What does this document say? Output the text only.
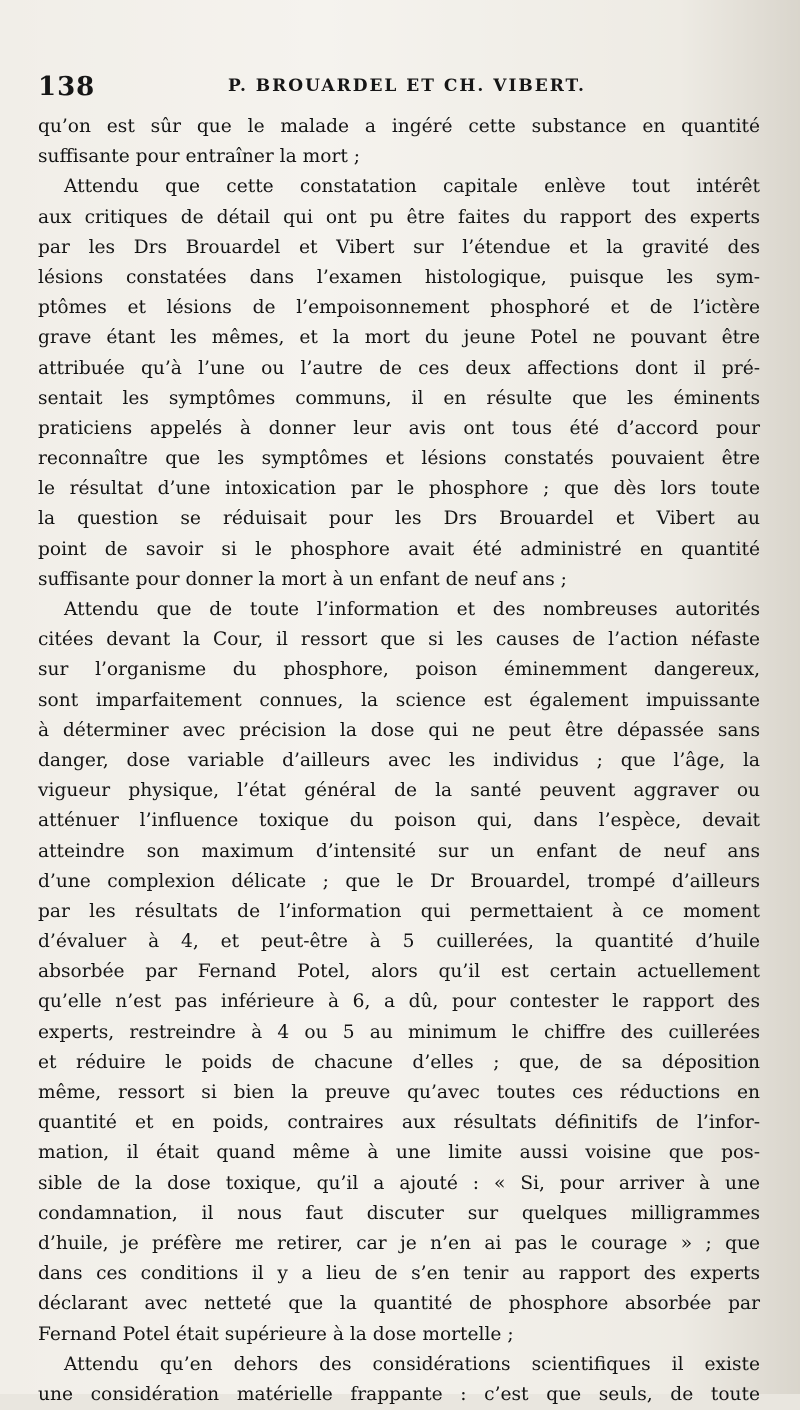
138	P. BROUARDEL ET CH. VIBERT.
qu’on est sûr que le malade a ingéré cette substance en quantité
suffisante pour entraîner la mort ;
Attendu que cette constatation capitale enlève tout intérêt
aux critiques de détail qui ont pu être faites du rapport des experts
par les Drs Brouardel et Vibert sur l’étendue et la gravité des
lésions constatées dans l’examen histologique, puisque les sym-
ptômes et lésions de l’empoisonnement phosphoré et de l’ictère
grave étant les mêmes, et la mort du jeune Potel ne pouvant être
attribuée qu’à l’une ou l’autre de ces deux affections dont il pré-
sentait les symptômes communs, il en résulte que les éminents
praticiens appelés à donner leur avis ont tous été d’accord pour
reconnaître que les symptômes et lésions constatés pouvaient être
le résultat d’une intoxication par le phosphore ; que dès lors toute
la question se réduisait pour les Drs Brouardel et Vibert au
point de savoir si le phosphore avait été administré en quantité
suffisante pour donner la mort à un enfant de neuf ans ;
Attendu que de toute l’information et des nombreuses autorités
citées devant la Cour, il ressort que si les causes de l’action néfaste
sur l’organisme du phosphore, poison éminemment dangereux,
sont imparfaitement connues, la science est également impuissante
à déterminer avec précision la dose qui ne peut être dépassée sans
danger, dose variable d’ailleurs avec les individus ; que l’âge, la
vigueur physique, l’état général de la santé peuvent aggraver ou
atténuer l’influence toxique du poison qui, dans l’espèce, devait
atteindre son maximum d’intensité sur un enfant de neuf ans
d’une complexion délicate ; que le Dr Brouardel, trompé d’ailleurs
par les résultats de l’information qui permettaient à ce moment
d’évaluer à 4, et peut-être à 5 cuillerées, la quantité d’huile
absorbée par Fernand Potel, alors qu’il est certain actuellement
qu’elle n’est pas inférieure à 6, a dû, pour contester le rapport des
experts, restreindre à 4 ou 5 au minimum le chiffre des cuillerées
et réduire le poids de chacune d’elles ; que, de sa déposition
même, ressort si bien la preuve qu’avec toutes ces réductions en
quantité et en poids, contraires aux résultats définitifs de l’infor-
mation, il était quand même à une limite aussi voisine que pos-
sible de la dose toxique, qu’il a ajouté : « Si, pour arriver à une
condamnation, il nous faut discuter sur quelques milligrammes
d’huile, je préfère me retirer, car je n’en ai pas le courage » ; que
dans ces conditions il y a lieu de s’en tenir au rapport des experts
déclarant avec netteté que la quantité de phosphore absorbée par
Fernand Potel était supérieure à la dose mortelle ;
Attendu qu’en dehors des considérations scientifiques il existe
une considération matérielle frappante : c’est que seuls, de toute
